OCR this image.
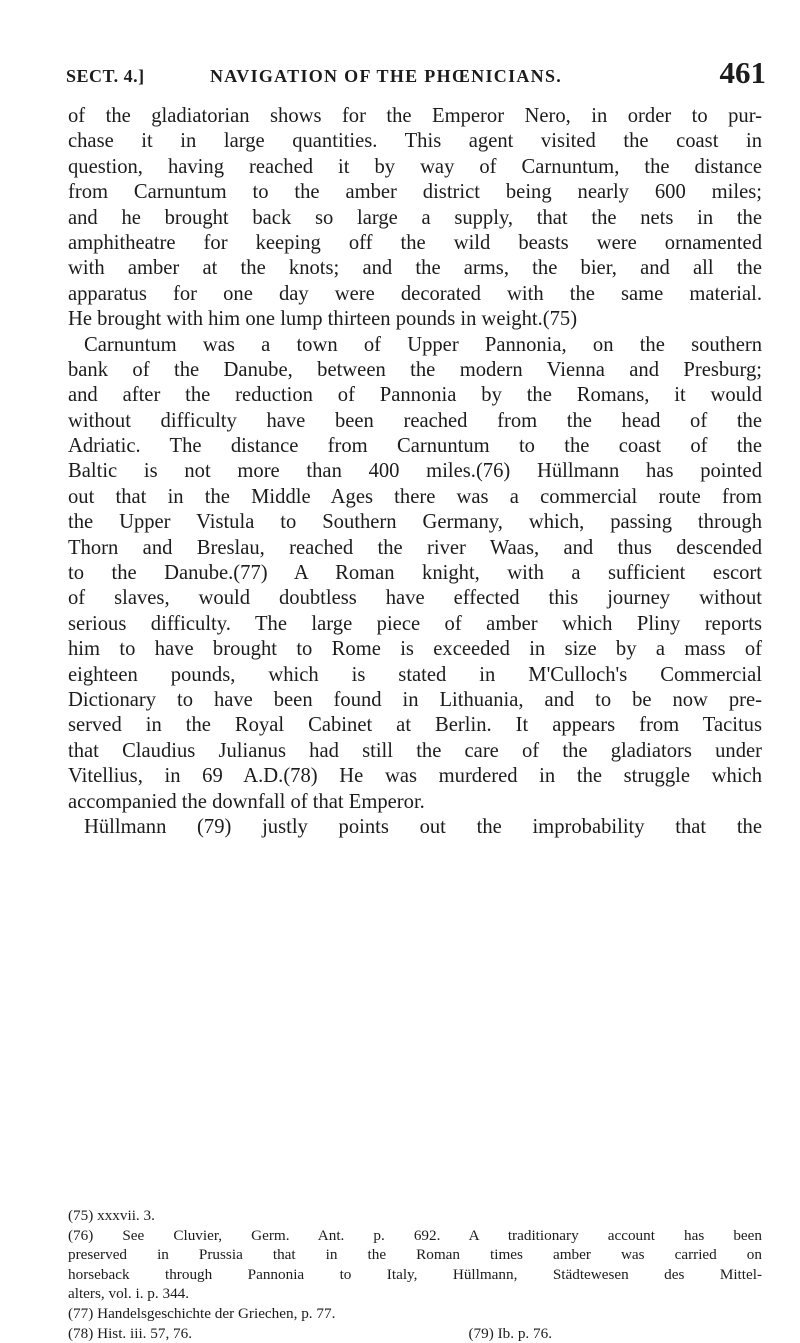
SECT. 4.]	NAVIGATION OF THE PHŒNICIANS.	461
of the gladiatorian shows for the Emperor Nero, in order to pur-
chase it in large quantities. This agent visited the coast in
question, having reached it by way of Carnuntum, the distance
from Carnuntum to the amber district being nearly 600 miles;
and he brought back so large a supply, that the nets in the
amphitheatre for keeping off the wild beasts were ornamented
with amber at the knots; and the arms, the bier, and all the
apparatus for one day were decorated with the same material.
He brought with him one lump thirteen pounds in weight.(75)
Carnuntum was a town of Upper Pannonia, on the southern
bank of the Danube, between the modern Vienna and Presburg;
and after the reduction of Pannonia by the Romans, it would
without difficulty have been reached from the head of the
Adriatic. The distance from Carnuntum to the coast of the
Baltic is not more than 400 miles.(76) Hüllmann has pointed
out that in the Middle Ages there was a commercial route from
the Upper Vistula to Southern Germany, which, passing through
Thorn and Breslau, reached the river Waas, and thus descended
to the Danube.(77) A Roman knight, with a sufficient escort
of slaves, would doubtless have effected this journey without
serious difficulty. The large piece of amber which Pliny reports
him to have brought to Rome is exceeded in size by a mass of
eighteen pounds, which is stated in M'Culloch's Commercial
Dictionary to have been found in Lithuania, and to be now pre-
served in the Royal Cabinet at Berlin. It appears from Tacitus
that Claudius Julianus had still the care of the gladiators under
Vitellius, in 69 A.D.(78) He was murdered in the struggle which
accompanied the downfall of that Emperor.
Hüllmann (79) justly points out the improbability that the
(75) xxxvii. 3.
(76) See Cluvier, Germ. Ant. p. 692. A traditionary account has been
preserved in Prussia that in the Roman times amber was carried on
horseback through Pannonia to Italy, Hüllmann, Städtewesen des Mittel-
alters, vol. i. p. 344.
(77) Handelsgeschichte der Griechen, p. 77.
(78) Hist. iii. 57, 76.	(79) Ib. p. 76.
